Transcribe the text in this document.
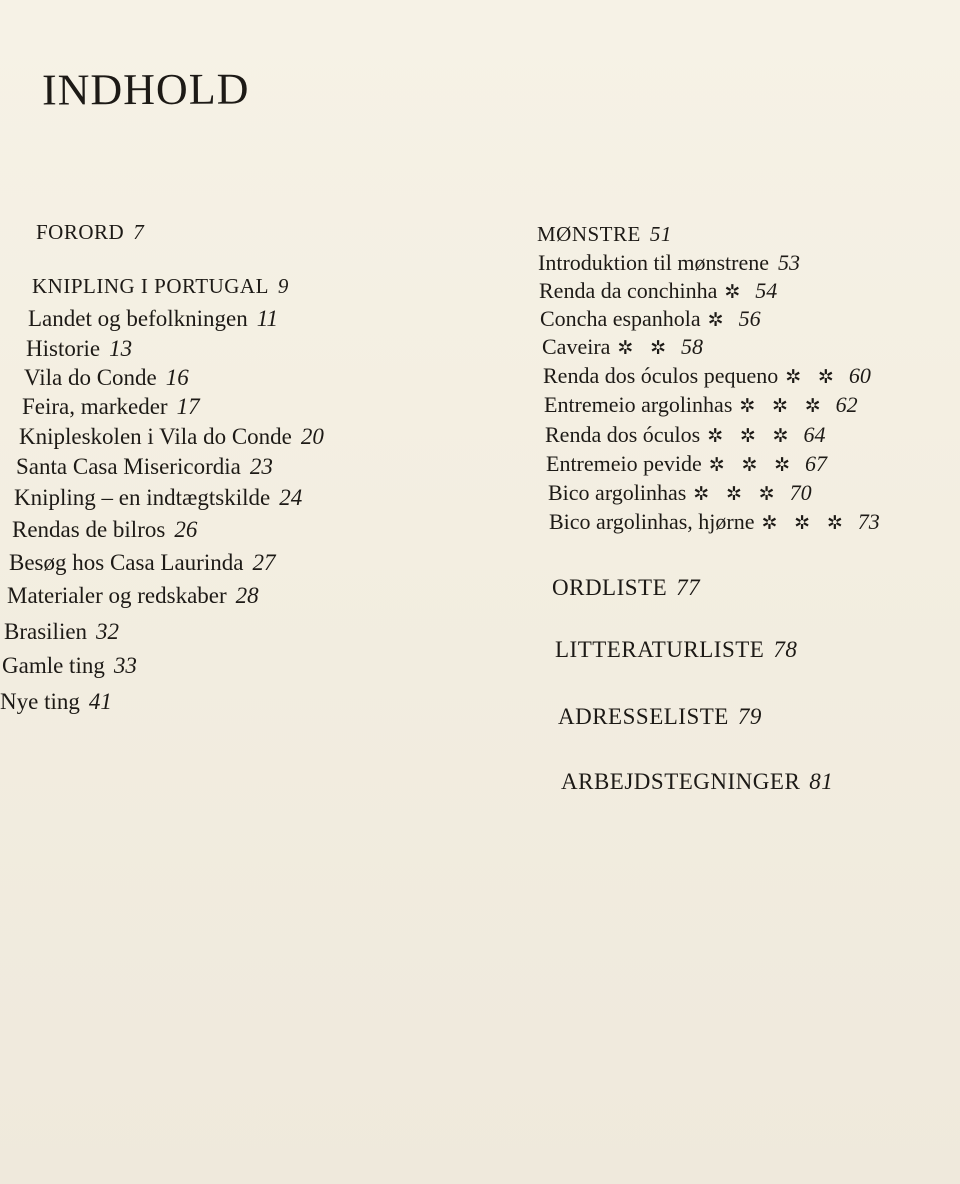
INDHOLD
FORORD 7
KNIPLING I PORTUGAL 9
Landet og befolkningen 11
Historie 13
Vila do Conde 16
Feira, markeder 17
Knipleskolen i Vila do Conde 20
Santa Casa Misericordia 23
Knipling – en indtægtskilde 24
Rendas de bilros 26
Besøg hos Casa Laurinda 27
Materialer og redskaber 28
Brasilien 32
Gamle ting 33
Nye ting 41
MØNSTRE 51
Introduktion til mønstrene 53
Renda da conchinha ✲ 54
Concha espanhola ✲ 56
Caveira ✲ ✲ 58
Renda dos óculos pequeno ✲ ✲ 60
Entremeio argolinhas ✲ ✲ ✲ 62
Renda dos óculos ✲ ✲ ✲ 64
Entremeio pevide ✲ ✲ ✲ 67
Bico argolinhas ✲ ✲ ✲ 70
Bico argolinhas, hjørne ✲ ✲ ✲ 73
ORDLISTE 77
LITTERATURLISTE 78
ADRESSELISTE 79
ARBEJDSTEGNINGER 81
